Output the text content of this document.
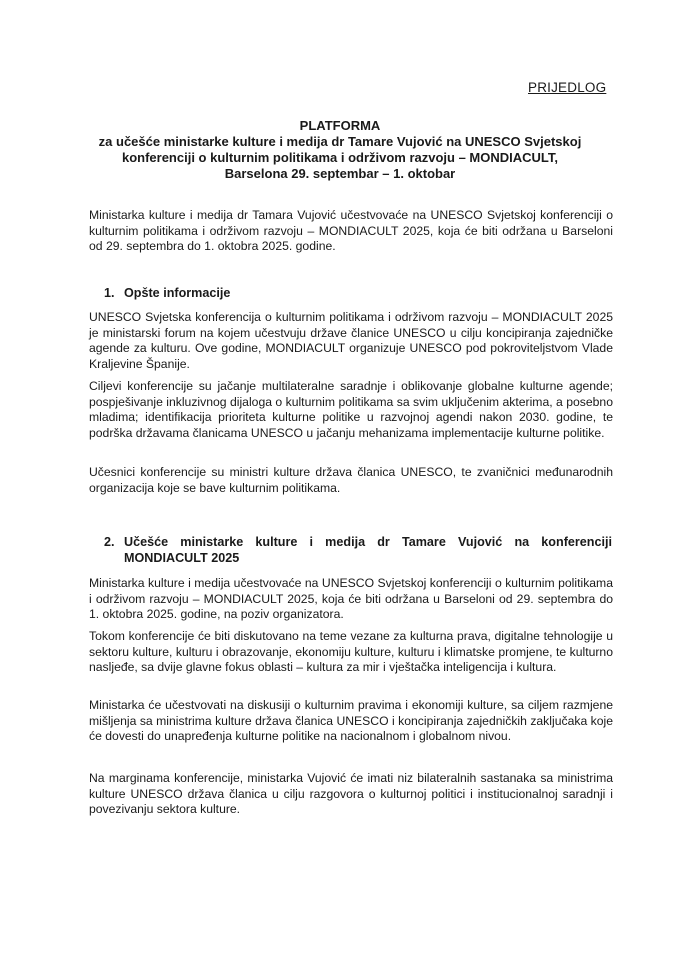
PRIJEDLOG
PLATFORMA
za učešće ministarke kulture i medija dr Tamare Vujović na UNESCO Svjetskoj
konferenciji o kulturnim politikama i održivom razvoju – MONDIACULT,
Barselona 29. septembar – 1. oktobar

Ministarka kulture i medija dr Tamara Vujović učestvovaće na UNESCO Svjetskoj konferenciji o kulturnim politikama i održivom razvoju – MONDIACULT 2025, koja će biti održana u Barseloni od 29. septembra do 1. oktobra 2025. godine.

1. Opšte informacije

UNESCO Svjetska konferencija o kulturnim politikama i održivom razvoju – MONDIACULT 2025 je ministarski forum na kojem učestvuju države članice UNESCO u cilju koncipiranja zajedničke agende za kulturu. Ove godine, MONDIACULT organizuje UNESCO pod pokroviteljstvom Vlade Kraljevine Španije.

Ciljevi konferencije su jačanje multilateralne saradnje i oblikovanje globalne kulturne agende; pospješivanje inkluzivnog dijaloga o kulturnim politikama sa svim uključenim akterima, a posebno mladima; identifikacija prioriteta kulturne politike u razvojnoj agendi nakon 2030. godine, te podrška državama članicama UNESCO u jačanju mehanizama implementacije kulturne politike.

Učesnici konferencije su ministri kulture država članica UNESCO, te zvaničnici međunarodnih organizacija koje se bave kulturnim politikama.

2. Učešće ministarke kulture i medija dr Tamare Vujović na konferenciji MONDIACULT 2025

Ministarka kulture i medija učestvovaće na UNESCO Svjetskoj konferenciji o kulturnim politikama i održivom razvoju – MONDIACULT 2025, koja će biti održana u Barseloni od 29. septembra do 1. oktobra 2025. godine, na poziv organizatora.

Tokom konferencije će biti diskutovano na teme vezane za kulturna prava, digitalne tehnologije u sektoru kulture, kulturu i obrazovanje, ekonomiju kulture, kulturu i klimatske promjene, te kulturno nasljeđe, sa dvije glavne fokus oblasti – kultura za mir i vještačka inteligencija i kultura.

Ministarka će učestvovati na diskusiji o kulturnim pravima i ekonomiji kulture, sa ciljem razmjene mišljenja sa ministrima kulture država članica UNESCO i koncipiranja zajedničkih zaključaka koje će dovesti do unapređenja kulturne politike na nacionalnom i globalnom nivou.

Na marginama konferencije, ministarka Vujović će imati niz bilateralnih sastanaka sa ministrima kulture UNESCO država članica u cilju razgovora o kulturnoj politici i institucionalnoj saradnji i povezivanju sektora kulture.
